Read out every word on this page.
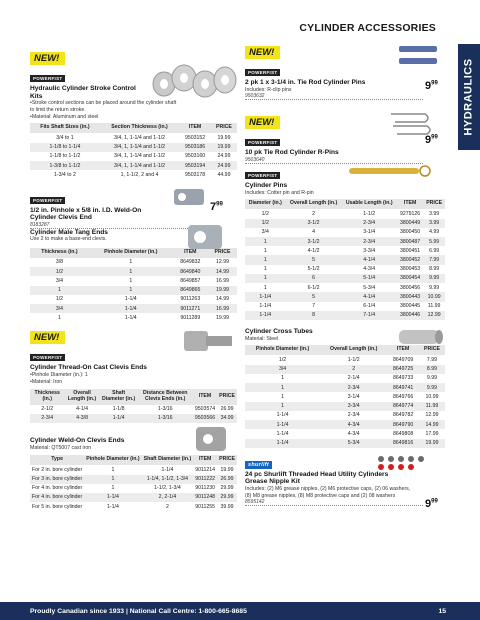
CYLINDER ACCESSORIES
HYDRAULICS
NEW!
POWERFIST
Hydraulic Cylinder Stroke Control Kits
•Stroke control sections can be placed around the cylinder shaft to limit the return stroke.
•Material: Aluminum and steel
Fits Shaft Sizes (in.)	Section Thickness (in.)	ITEM	PRICE
3/4 to 1	3/4, 1, 1-1/4 and 1-1/2	9503152	19.99
1-1/8 to 1-1/4	3/4, 1, 1-1/4 and 1-1/2	9503186	19.99
1-1/8 to 1-1/2	3/4, 1, 1-1/4 and 1-1/2	9503160	24.99
1-3/8 to 1-1/2	3/4, 1, 1-1/4 and 1-1/2	9503194	24.99
1-3/4 to 2	1, 1-1/2, 2 and 4	9503178	44.99
POWERFIST
1/2 in. Pinhole x 5/8 in. I.D. Weld-On Cylinder Clevis End
8183287
$7^{99}$
Cylinder Male Tang Ends
Use 2 to make a base-end clevis.
Thickness (in.)	Pinhole Diameter (in.)	ITEM	PRICE
3/8	1	8649832	12.99
1/2	1	8649840	14.99
3/4	1	8649857	16.99
1	1	8649865	19.99
1/2	1-1/4	9011263	14.99
3/4	1-1/4	9011271	16.99
1	1-1/4	9011289	19.99
NEW!
POWERFIST
Cylinder Thread-On Cast Clevis Ends
•Pinhole Diameter (in.): 1
•Material: Iron
Thickness (in.)	Overall Length (in.)	Shaft Diameter (in.)	Distance Between Clevis Ends (in.)	ITEM	PRICE
2-1/2	4-1/4	1-1/8	1-3/16	9503574	26.99
2-3/4	4-3/8	1-1/4	1-3/16	9503566	34.99
Cylinder Weld-On Clevis Ends
Material: QT5007 cast iron
Type	Pinhole Diameter (in.)	Shaft Diameter (in.)	ITEM	PRICE
For 2 in. bore cylinder	1	1-1/4	9011214	19.99
For 3 in. bore cylinder	1	1-1/4, 1-1/2, 1-3/4	9011222	26.99
For 4 in. bore cylinder	1	1-1/2, 1-3/4	9011230	29.99
For 4 in. bore cylinder	1-1/4	2, 2-1/4	9011248	29.99
For 5 in. bore cylinder	1-1/4	2	9011255	39.99
NEW!
POWERFIST
2 pk 1 x 3-1/4 in. Tie Rod Cylinder Pins
Includes: R-clip pins
9503632
$9^{99}$
NEW!
POWERFIST
10 pk Tie Rod Cylinder R-Pins
9503640
$9^{99}$
POWERFIST
Cylinder Pins
Includes: Cotter pin and R-pin
Diameter (in.)	Overall Length (in.)	Usable Length (in.)	ITEM	PRICE
1/2	2	1-1/2	9279126	3.99
1/2	3-1/2	2-3/4	3800449	3.99
3/4	4	3-1/4	3800450	4.99
1	3-1/2	2-3/4	3800487	5.99
1	4-1/2	3-3/4	3800451	6.99
1	5	4-1/4	3800452	7.99
1	5-1/2	4-3/4	3800453	8.99
1	6	5-1/4	3800454	9.99
1	6-1/2	5-3/4	3800456	9.99
1-1/4	5	4-1/4	3800443	10.99
1-1/4	7	6-1/4	3800445	11.99
1-1/4	8	7-1/4	3800446	12.99
Cylinder Cross Tubes
Material: Steel
Pinhole Diameter (in.)	Overall Length (in.)	ITEM	PRICE
1/2	1-1/2	8649709	7.99
3/4	2	8649725	8.99
1	2-1/4	8649733	9.99
1	2-3/4	8649741	9.99
1	3-1/4	8649766	10.99
1	3-3/4	8649774	11.99
1-1/4	2-3/4	8649782	12.99
1-1/4	4-3/4	8649790	14.99
1-1/4	4-3/4	8649808	17.99
1-1/4	5-3/4	8649816	19.99
shurlift
24 pc Shurlift Threaded Head Utility Cylinders Grease Nipple Kit
Includes: (2) M6 grease nipples, (2) M6 protective caps, (2) 06 washers, (8) M8 grease nipples, (8) M8 protective caps and (2) 08 washers
8595142	$9^{99}$
Proudly Canadian since 1933 | National Call Centre: 1-800-665-8685	15
